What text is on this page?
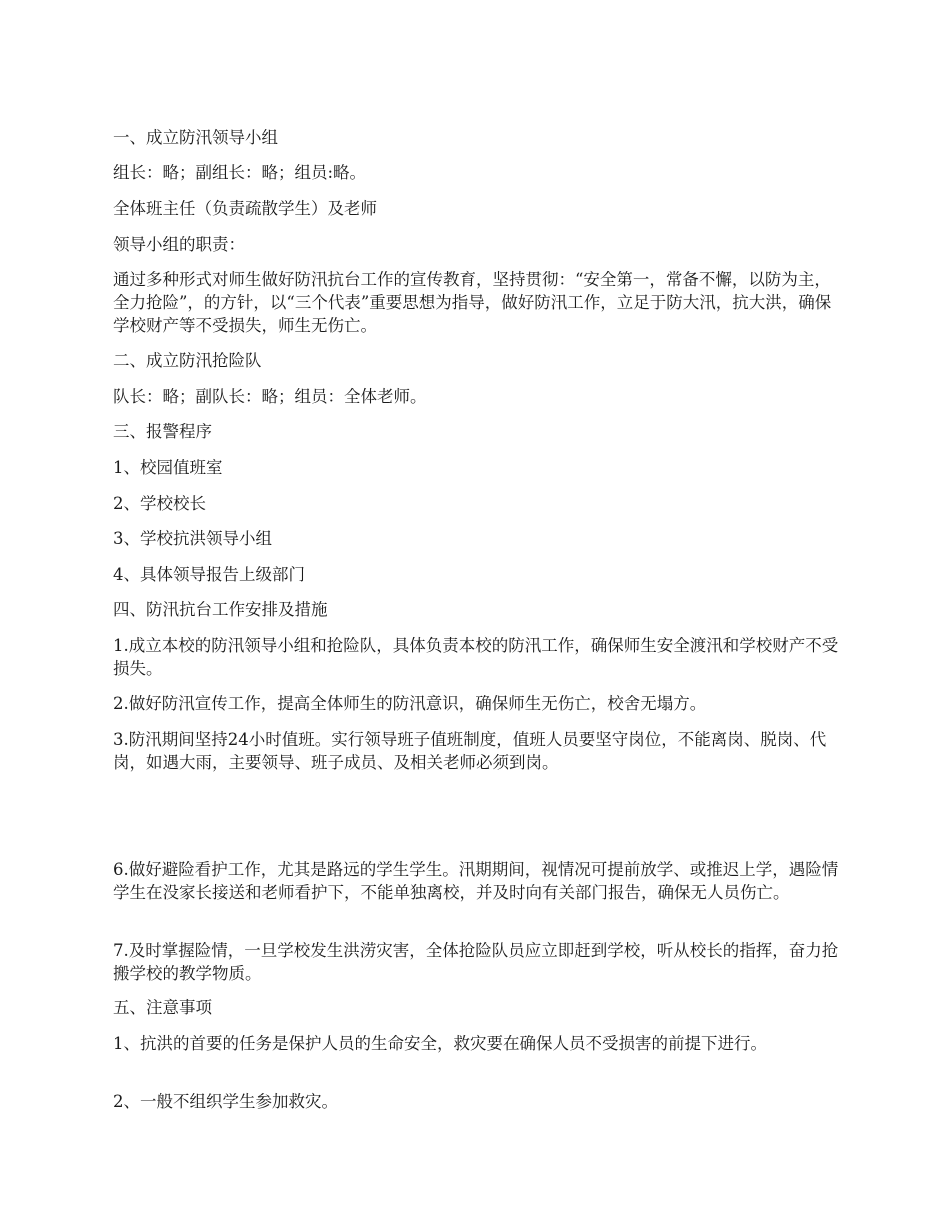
一、成立防汛领导小组

组长：略；副组长：略；组员:略。

全体班主任（负责疏散学生）及老师

领导小组的职责：

通过多种形式对师生做好防汛抗台工作的宣传教育，坚持贯彻：“安全第一，常备不懈，以防为主，全力抢险”，的方针，以“三个代表”重要思想为指导，做好防汛工作，立足于防大汛，抗大洪，确保学校财产等不受损失，师生无伤亡。

二、成立防汛抢险队

队长：略；副队长：略；组员：全体老师。

三、报警程序

1、校园值班室

2、学校校长

3、学校抗洪领导小组

4、具体领导报告上级部门

四、防汛抗台工作安排及措施

1.成立本校的防汛领导小组和抢险队，具体负责本校的防汛工作，确保师生安全渡汛和学校财产不受损失。

2.做好防汛宣传工作，提高全体师生的防汛意识，确保师生无伤亡，校舍无塌方。

3.防汛期间坚持24小时值班。实行领导班子值班制度，值班人员要坚守岗位，不能离岗、脱岗、代岗，如遇大雨，主要领导、班子成员、及相关老师必须到岗。

6.做好避险看护工作，尤其是路远的学生学生。汛期期间，视情况可提前放学、或推迟上学，遇险情学生在没家长接送和老师看护下，不能单独离校，并及时向有关部门报告，确保无人员伤亡。

7.及时掌握险情，一旦学校发生洪涝灾害，全体抢险队员应立即赶到学校，听从校长的指挥，奋力抢搬学校的教学物质。

五、注意事项

1、抗洪的首要的任务是保护人员的生命安全，救灾要在确保人员不受损害的前提下进行。

2、一般不组织学生参加救灾。
